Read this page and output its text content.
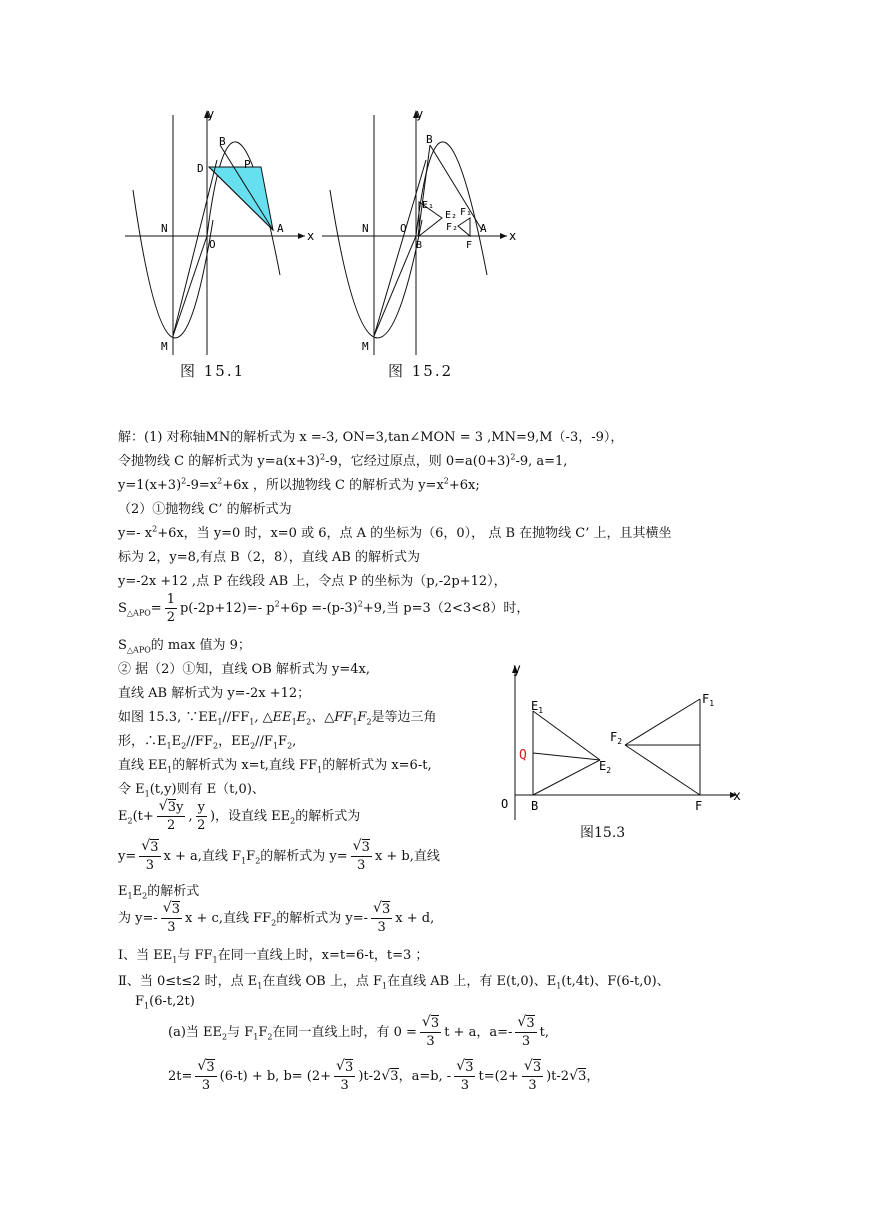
y
x
B
D	P
N
O
A
M
图 15.1
y
x
B
E₁
E₂ F₁
F₂
N	O	A
B	F
M
图 15.2
y
x
$E_1$
$F_1$
$F_2$
$E_2$
Q
O B	F
图15.3
解：(1) 对称轴MN的解析式为 x =-3, ON=3,tan∠MON = 3 ,MN=9,M（-3，-9），
令抛物线 C 的解析式为 $y=a(x+3)^2-9$，它经过原点，则 $0=a(0+3)^2-9$, a=1,
$y=1(x+3)^2-9=x^2+6x$ ，所以抛物线 C 的解析式为 $y=x^2+6x$;
（2）①抛物线 C’ 的解析式为
y=- $x^2+6x$，当 y=0 时，x=0 或 6，点 A 的坐标为（6，0）， 点 B 在抛物线 C’ 上，且其横坐
标为 2，y=8,有点 B（2，8），直线 AB 的解析式为
y=-2x +12 ,点 P 在线段 AB 上，令点 P 的坐标为（p,-2p+12），
$S_{\triangle APO}= \frac{1}{2} p(-2p+12)=-$ $p^2+6p =-(p-3)^2+9$,当 p=3（2<3<8）时，
$S_{\triangle APO}$的 max 值为 9；
② 据（2）①知，直线 OB 解析式为 y=4x,
直线 AB 解析式为 y=-2x +12；
如图 15.3, $\because EE_1//FF_1$, $\triangle EE_1E_2$、$\triangle FF_1F_2$是等边三角
形，$\therefore E_1E_2//FF_2$，$EE_2//F_1F_2$,
直线 $EE_1$的解析式为 x=t,直线 $FF_1$的解析式为 x=6-t,
令 $E_1(t,y)$则有 E（t,0)、
$E_2(t+$
√ $\frac{3y}{2}$ , $\frac{y}{2}$ )，设直线 $EE_2$的解析式为
y=
√ $\frac{3}{3}$ x + a,直线 $F_1F_2$的解析式为 y=
√ $\frac{3}{3}$ x + b,直线
$E_1E_2$的解析式
为 y=-
√ $\frac{3}{3}$ x + c,直线 $FF_2$的解析式为 y=-
√ $\frac{3}{3}$ x + d,
Ⅰ、当 $EE_1$与 $FF_1$在同一直线上时，x=t=6-t，t=3 ；
Ⅱ、当 0≤t≤2 时，点 $E_1$在直线 OB 上，点 $F_1$在直线 AB 上，有 E(t,0)、$E_1(t,4t)$、F(6-t,0)、
$F_1(6-t,2t)$
(a)当 $EE_2$与 $F_1F_2$在同一直线上时，有 0 =
√ $\frac{3}{3}$ t + a，a=-
√ $\frac{3}{3} t$,
2t=
√ $\frac{3}{3} (6-t) + b$, b= (2+
√ $\frac{3}{3} )t-2√$ 3，a=b, -
√ $\frac{3}{3} t=(2+$
√ $\frac{3}{3} )t-2√$ 3，
